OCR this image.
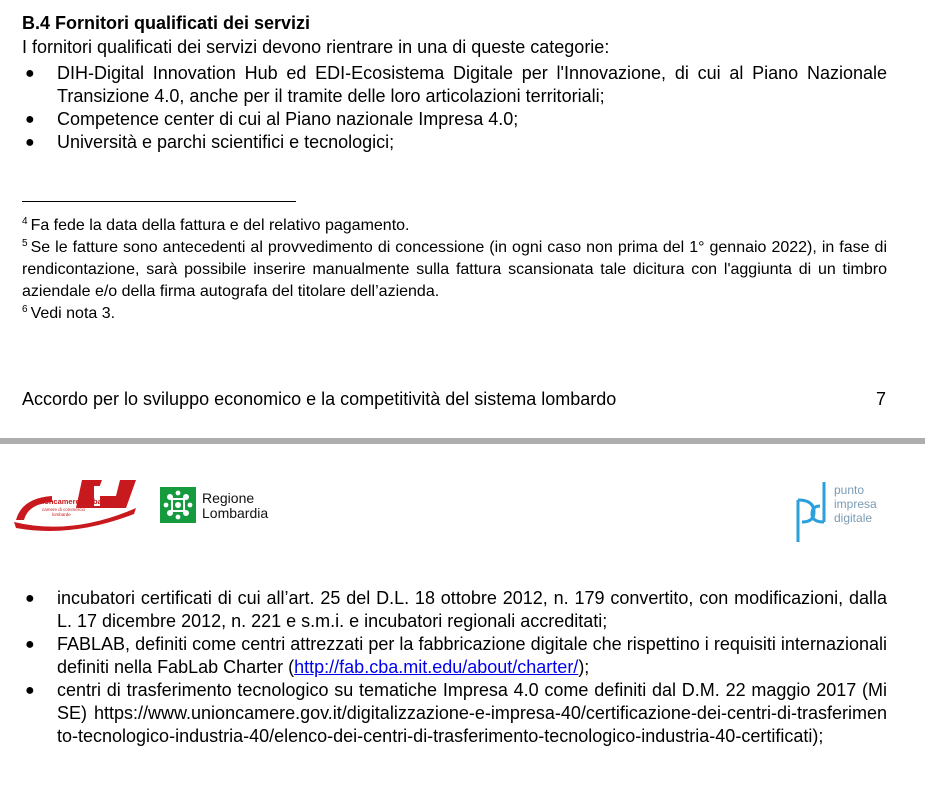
B.4 Fornitori qualificati dei servizi
I fornitori qualificati dei servizi devono rientrare in una di queste categorie:
● DIH-Digital Innovation Hub ed EDI-Ecosistema Digitale per l'Innovazione, di cui al Piano Nazionale Transizione 4.0, anche per il tramite delle loro articolazioni territoriali;
● Competence center di cui al Piano nazionale Impresa 4.0;
● Università e parchi scientifici e tecnologici;
$^4$ Fa fede la data della fattura e del relativo pagamento.
$^5$ Se le fatture sono antecedenti al provvedimento di concessione (in ogni caso non prima del 1° gennaio 2022), in fase di rendicontazione, sarà possibile inserire manualmente sulla fattura scansionata tale dicitura con l'aggiunta di un timbro aziendale e/o della firma autografa del titolare dell’azienda.
$^6$ Vedi nota 3.
Accordo per lo sviluppo economico e la competitività del sistema lombardo	7
unioncamerelombardia
camere di commercio
lombarde
Regione
Lombardia
punto
impresa
digitale
● incubatori certificati di cui all’art. 25 del D.L. 18 ottobre 2012, n. 179 convertito, con modificazioni, dalla L. 17 dicembre 2012, n. 221 e s.m.i. e incubatori regionali accreditati;
● FABLAB, definiti come centri attrezzati per la fabbricazione digitale che rispettino i requisiti internazionali definiti nella FabLab Charter (http://fab.cba.mit.edu/about/charter/);
● centri di trasferimento tecnologico su tematiche Impresa 4.0 come definiti dal D.M. 22 maggio 2017 (MiSE) https://www.unioncamere.gov.it/digitalizzazione-e-impresa-40/certificazione-dei-centri-di-trasferimento-tecnologico-industria-40/elenco-dei-centri-di-trasferimento-tecnologico-industria-40-certificati);
